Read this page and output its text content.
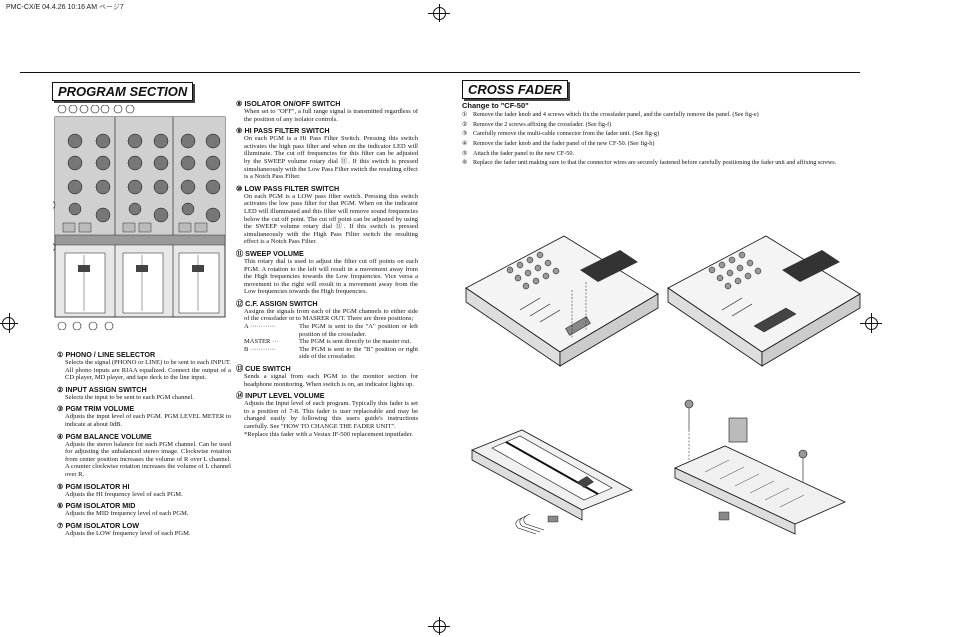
PMC-CX/E 04.4.26 10:16 AM ページ7
PROGRAM SECTION
① PHONO / LINE SELECTOR
Selects the signal (PHONO or LINE) to be sent to each INPUT. All phono inputs are RIAA equalized. Connect the output of a CD player, MD player, and tape deck to the line input.
② INPUT ASSIGN SWITCH
Selects the input to be sent to each PGM channel.
③ PGM TRIM VOLUME
Adjusts the input level of each PGM. PGM LEVEL METER to indicate at about 0dB.
④ PGM BALANCE VOLUME
Adjusts the stereo balance for each PGM channel. Can be used for adjusting the unbalanced stereo image. Clockwise rotation from center position increases the volume of R over L channel. A counter clockwise rotation increases the volume of L channel over R.
⑤ PGM ISOLATOR HI
Adjusts the HI frequency level of each PGM.
⑥ PGM ISOLATOR MID
Adjusts the MID frequency level of each PGM.
⑦ PGM ISOLATOR LOW
Adjusts the LOW frequency level of each PGM.
⑧ ISOLATOR ON/OFF SWITCH
When set to "OFF", a full range signal is transmitted regardless of the position of any isolator controls.
⑨ HI PASS FILTER SWITCH
On each PGM is a Hi Pass Filter Switch. Pressing this switch activates the high pass filter and when on the indicator LED will illuminate. The cut off frequencies for this filter can be adjusted by the SWEEP volume rotary dial ⑪. If this switch is pressed simultaneously with the Low Pass Filter switch the resulting effect is a Notch Pass Filter.
⑩ LOW PASS FILTER SWITCH
On each PGM is a LOW pass filter switch. Pressing this switch activates the low pass filter for that PGM. When on the indicator LED will illuminated and this filter will remove sound frequencies below the cut off point. The cut off point can be adjusted by using the SWEEP volume rotary dial ⑪. If this switch is pressed simultaneously with the High Pass Filter switch the resulting effect is a Notch Pass Filter.
⑪ SWEEP VOLUME
This rotary dial is used to adjust the filter cut off points on each PGM. A rotation to the left will result in a movement away from the High frequencies towards the Low frequencies. Vice versa a movement to the right will result in a movement away from the Low frequencies towards the High frequencies.
⑫ C.F. ASSIGN SWITCH
Assigns the signals from each of the PGM channels to either side of the crossfader or to MASRER OUT. There are three positions;
A ············	The PGM is sent to the "A" position or left position of the crossfader.
MASTER ···	The PGM is sent directly to the master out.
B ············	The PGM is sent to the "B" position or right side of the crossfader.
⑬ CUE SWITCH
Sends a signal from each PGM to the monitor section for headphone monitoring. When switch is on, an indicator lights up.
⑭ INPUT LEVEL VOLUME
Adjusts the Input level of each program. Typically this fader is set to a position of 7-8. This fader is user replaceable and may be changed easily by following this users guide's instructions carefully. See "HOW TO CHANGE THE FADER UNIT".
*Replace this fader with a Vestax IF-500 replacement inputfader.
CROSS FADER
Change to "CF-50"
① Remove the fader knob and 4 screws which fix the crossfader panel, and the carefully remove the panel. (See fig-e)
② Remove the 2 screws affixing the crossfader. (See fig-f)
③ Carefully remove the multi-cable connector from the fader unit. (See fig-g)
④ Remove the fader knob and the fader panel of the new CF-50. (See fig-h)
⑤ Attach the fader panel to the new CF-50.
⑥ Replace the fader unit making sure to that the connector wires are securely fastened before carefully positioning the fader unit and affixing screws.
